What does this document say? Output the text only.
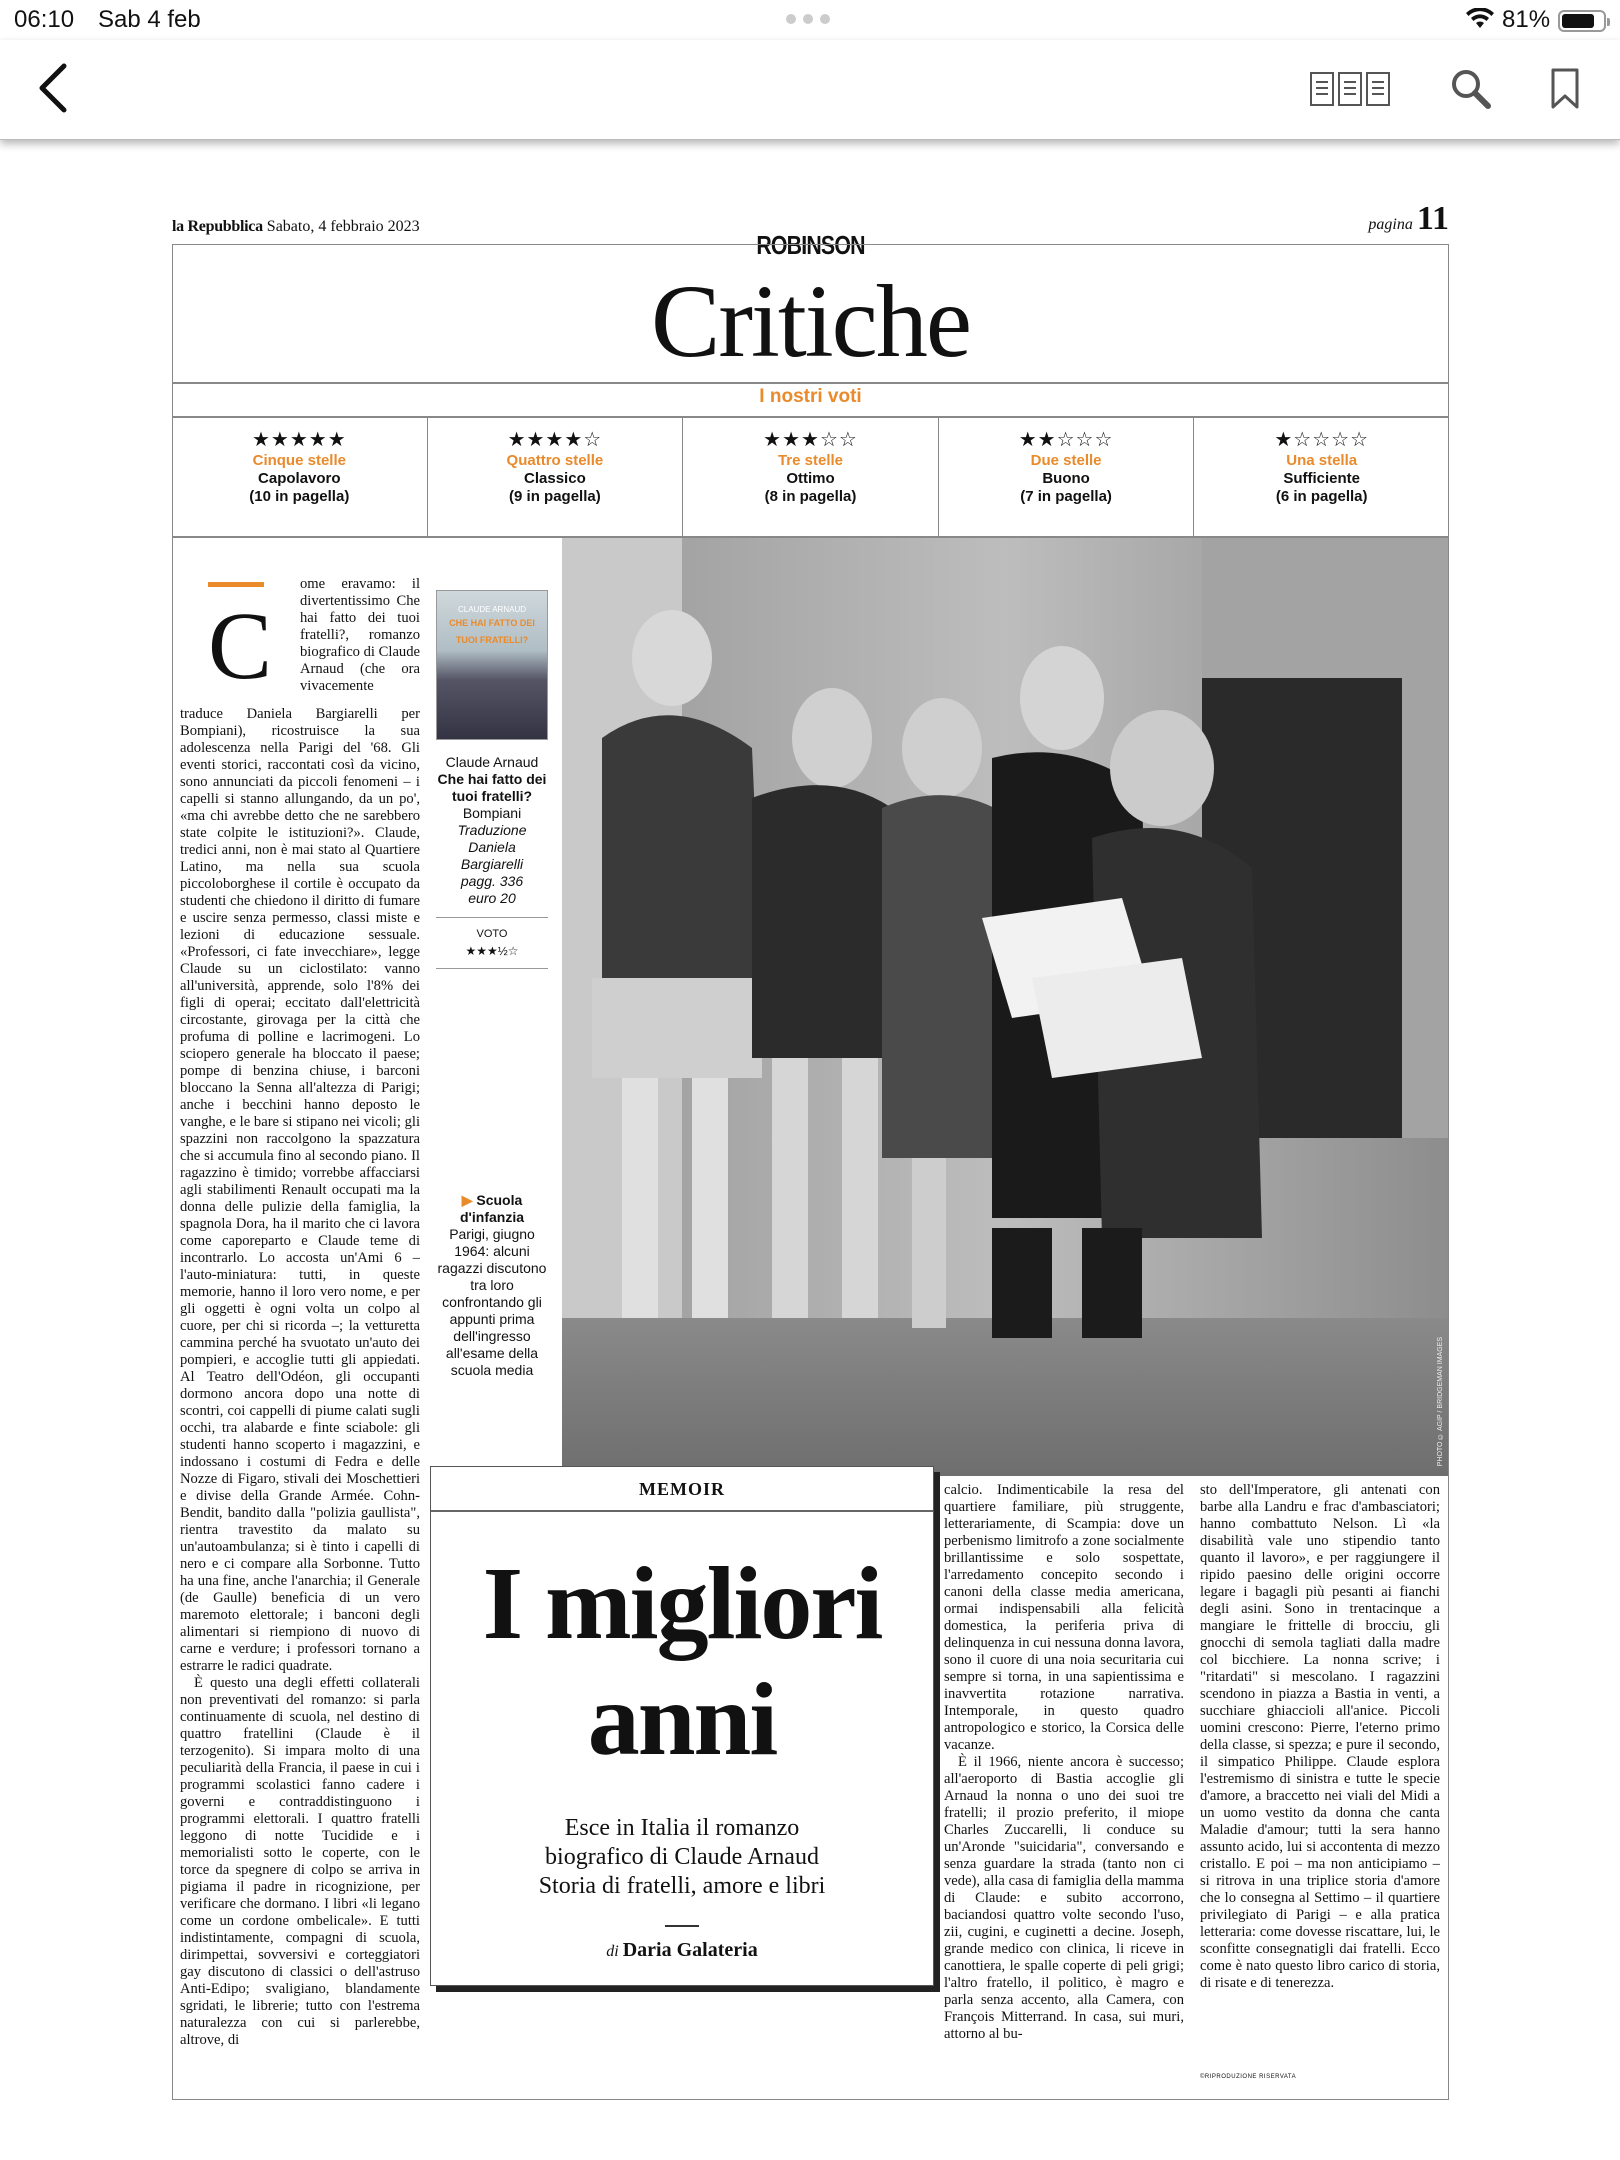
06:10 Sab 4 feb	81%
la Repubblica Sabato, 4 febbraio 2023	pagina 11
ROBINSON
Critiche
I nostri voti
★★★★★
Cinque stelle
Capolavoro
(10 in pagella)
★★★★☆
Quattro stelle
Classico
(9 in pagella)
★★★☆☆
Tre stelle
Ottimo
(8 in pagella)
★★☆☆☆
Due stelle
Buono
(7 in pagella)
★☆☆☆☆
Una stella
Sufficiente
(6 in pagella)
C

ome eravamo: il divertentissimo Che hai fatto dei tuoi fratelli?, romanzo biografico di Claude Arnaud (che ora vivacemente

CLAUDE ARNAUD
CHE HAI FATTO DEI TUOI FRATELLI?
Claude Arnaud
Che hai fatto dei tuoi fratelli?
Bompiani
Traduzione Daniela Bargiarelli
pagg. 336
euro 20
VOTO
★★★½☆
▶ Scuola d'infanzia
Parigi, giugno 1964: alcuni ragazzi discutono tra loro confrontando gli appunti prima dell'ingresso all'esame della scuola media	PHOTO © AGIP / BRIDGEMAN IMAGES
MEMOIR
I migliori
anni
Esce in Italia il romanzo
biografico di Claude Arnaud
Storia di fratelli, amore e libri
di Daria Galateria

calcio. Indimenticabile la resa del quartiere familiare, più struggente, letterariamente, di Scampia: dove un perbenismo limitrofo a zone socialmente brillantissime e solo sospettate, l'arredamento concepito secondo i canoni della classe media americana, ormai indispensabili alla felicità domestica, la periferia priva di delinquenza in cui nessuna donna lavora, sono il cuore di una noia securitaria cui sempre si torna, in una sapientissima e inavvertita rotazione narrativa. Intemporale, in questo quadro antropologico e storico, la Corsica delle vacanze.

È il 1966, niente ancora è successo; all'aeroporto di Bastia accoglie gli Arnaud la nonna o uno dei suoi tre fratelli; il prozio preferito, il miope Charles Zuccarelli, li conduce su un'Aronde "suicidaria", conversando e senza guardare la strada (tanto non ci vede), alla casa di famiglia della mamma di Claude: e subito accorrono, baciandosi quattro volte secondo l'uso, zii, cugini, e cuginetti a decine. Joseph, grande medico con clinica, li riceve in canottiera, le spalle coperte di peli grigi; l'altro fratello, il politico, è magro e parla senza accento, alla Camera, con François Mitterrand. In casa, sui muri, attorno al bu-

sto dell'Imperatore, gli antenati con barbe alla Landru e frac d'ambasciatori; hanno combattuto Nelson. Lì «la disabilità vale uno stipendio tanto quanto il lavoro», e per raggiungere il ripido paesino delle origini occorre legare i bagagli più pesanti ai fianchi degli asini. Sono in trentacinque a mangiare le frittelle di brocciu, gli gnocchi di semola tagliati dalla madre col bicchiere. La nonna scrive; i "ritardati" si mescolano. I ragazzini scendono in piazza a Bastia in venti, a succhiare ghiaccioli all'anice. Piccoli uomini crescono: Pierre, l'eterno primo della classe, si spezza; e pure il secondo, il simpatico Philippe. Claude esplora l'estremismo di sinistra e tutte le specie d'amore, a braccetto nei viali del Midi a un uomo vestito da donna che canta Maladie d'amour; tutti la sera hanno assunto acido, lui si accontenta di mezzo cristallo. E poi – ma non anticipiamo – si ritrova in una triplice storia d'amore che lo consegna al Settimo – il quartiere privilegiato di Parigi – e alla pratica letteraria: come dovesse riscattare, lui, le sconfitte consegnatigli dai fratelli. Ecco come è nato questo libro carico di storia, di risate e di tenerezza.

©RIPRODUZIONE RISERVATA

traduce Daniela Bargiarelli per Bompiani), ricostruisce la sua adolescenza nella Parigi del '68. Gli eventi storici, raccontati così da vicino, sono annunciati da piccoli fenomeni – i capelli si stanno allungando, da un po', «ma chi avrebbe detto che ne sarebbero state colpite le istituzioni?». Claude, tredici anni, non è mai stato al Quartiere Latino, ma nella sua scuola piccoloborghese il cortile è occupato da studenti che chiedono il diritto di fumare e uscire senza permesso, classi miste e lezioni di educazione sessuale. «Professori, ci fate invecchiare», legge Claude su un ciclostilato: vanno all'università, apprende, solo l'8% dei figli di operai; eccitato dall'elettricità circostante, girovaga per la città che profuma di polline e lacrimogeni. Lo sciopero generale ha bloccato il paese; pompe di benzina chiuse, i barconi bloccano la Senna all'altezza di Parigi; anche i becchini hanno deposto le vanghe, e le bare si stipano nei vicoli; gli spazzini non raccolgono la spazzatura che si accumula fino al secondo piano. Il ragazzino è timido; vorrebbe affacciarsi agli stabilimenti Renault occupati ma la donna delle pulizie della famiglia, la spagnola Dora, ha il marito che ci lavora come caporeparto e Claude teme di incontrarlo. Lo accosta un'Ami 6 – l'auto-miniatura: tutti, in queste memorie, hanno il loro vero nome, e per gli oggetti è ogni volta un colpo al cuore, per chi si ricorda –; la vetturetta cammina perché ha svuotato un'auto dei pompieri, e accoglie tutti gli appiedati. Al Teatro dell'Odéon, gli occupanti dormono ancora dopo una notte di scontri, coi cappelli di piume calati sugli occhi, tra alabarde e finte sciabole: gli studenti hanno scoperto i magazzini, e indossano i costumi di Fedra e delle Nozze di Figaro, stivali dei Moschettieri e divise della Grande Armée. Cohn-Bendit, bandito dalla "polizia gaullista", rientra travestito da malato su un'autoambulanza; si è tinto i capelli di nero e ci compare alla Sorbonne. Tutto ha una fine, anche l'anarchia; il Generale (de Gaulle) beneficia di un vero maremoto elettorale; i banconi degli alimentari si riempiono di nuovo di carne e verdure; i professori tornano a estrarre le radici quadrate.

È questo una degli effetti collaterali non preventivati del romanzo: si parla continuamente di scuola, nel destino di quattro fratellini (Claude è il terzogenito). Si impara molto di una peculiarità della Francia, il paese in cui i programmi scolastici fanno cadere i governi e contraddistinguono i programmi elettorali. I quattro fratelli leggono di notte Tucidide e i memorialisti sotto le coperte, con le torce da spegnere di colpo se arriva in pigiama il padre in ricognizione, per verificare che dormano. I libri «li legano come un cordone ombelicale». E tutti indistintamente, compagni di scuola, dirimpettai, sovversivi e corteggiatori gay discutono di classici o dell'astruso Anti-Edipo; svaligiano, blandamente sgridati, le librerie; tutto con l'estrema naturalezza con cui si parlerebbe, altrove, di
